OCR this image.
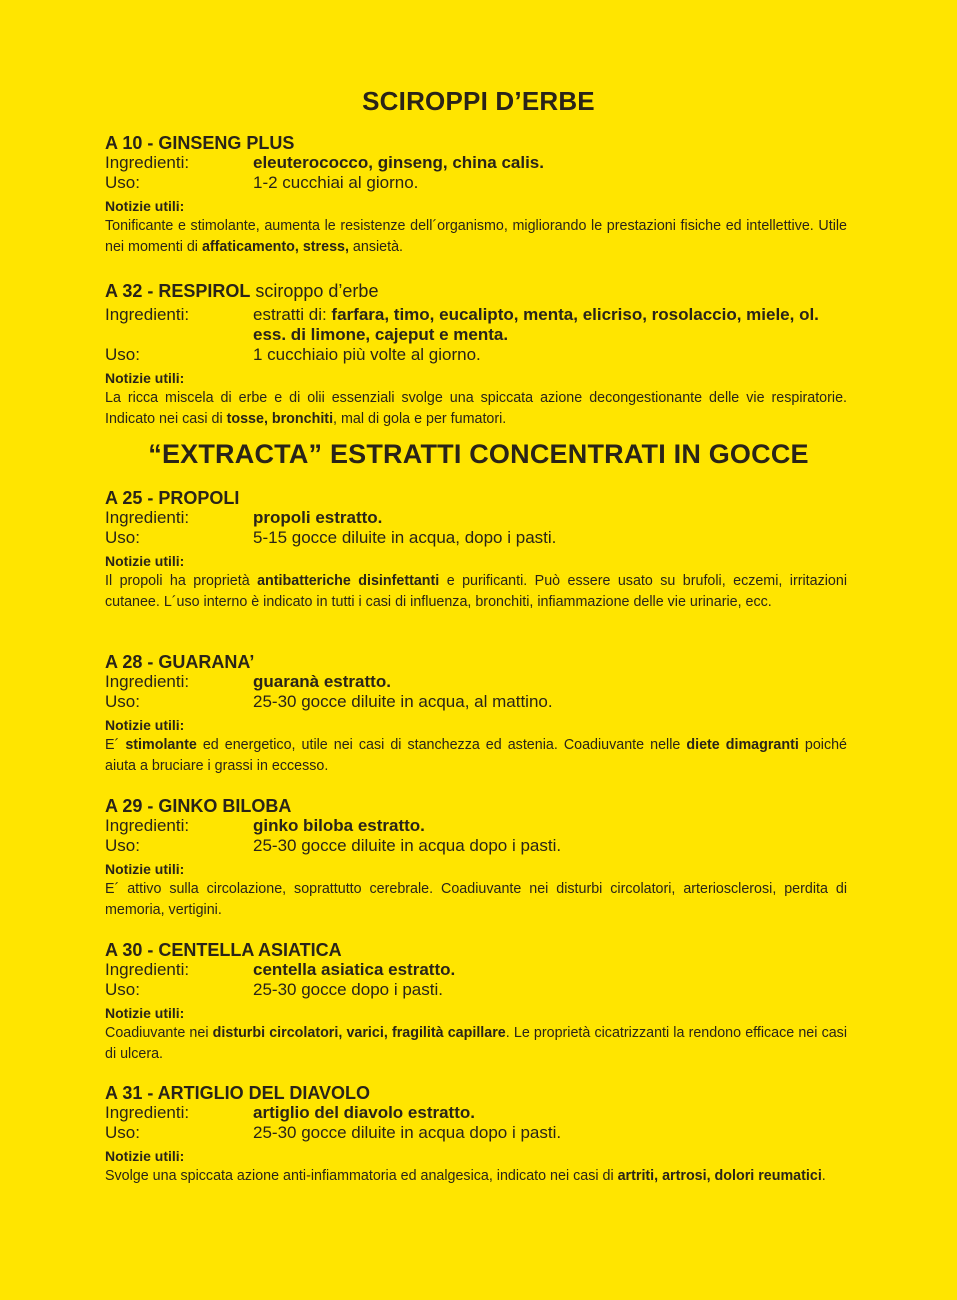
SCIROPPI D’ERBE
A 10 - GINSENG PLUS
Ingredienti:	eleuterococco, ginseng, china calis.
Uso:	1-2 cucchiai al giorno.
Notizie utili:
Tonificante e stimolante, aumenta le resistenze dell´organismo, migliorando le prestazioni fisiche ed intellettive. Utile nei momenti di affaticamento, stress, ansietà.
A 32 - RESPIROL sciroppo d’erbe
Ingredienti:	estratti di: farfara, timo, eucalipto, menta, elicriso, rosolaccio, miele, ol. ess. di limone, cajeput e menta.
Uso:	1 cucchiaio più volte al giorno.
Notizie utili:
La ricca miscela di erbe e di olii essenziali svolge una spiccata azione decongestionante delle vie respiratorie. Indicato nei casi di tosse, bronchiti, mal di gola e per fumatori.
“EXTRACTA” ESTRATTI CONCENTRATI IN GOCCE
A 25 - PROPOLI
Ingredienti:	propoli estratto.
Uso:	5-15 gocce diluite in acqua, dopo i pasti.
Notizie utili:
Il propoli ha proprietà antibatteriche disinfettanti e purificanti. Può essere usato su brufoli, eczemi, irritazioni cutanee. L´uso interno è indicato in tutti i casi di influenza, bronchiti, infiammazione delle vie urinarie, ecc.
A 28 - GUARANA’
Ingredienti:	guaranà estratto.
Uso:	25-30 gocce diluite in acqua, al mattino.
Notizie utili:
E´ stimolante ed energetico, utile nei casi di stanchezza ed astenia. Coadiuvante nelle diete dimagranti poiché aiuta a bruciare i grassi in eccesso.
A 29 - GINKO BILOBA
Ingredienti:	ginko biloba estratto.
Uso:	25-30 gocce diluite in acqua dopo i pasti.
Notizie utili:
E´ attivo sulla circolazione, soprattutto cerebrale. Coadiuvante nei disturbi circolatori, arteriosclerosi, perdita di memoria, vertigini.
A 30 - CENTELLA ASIATICA
Ingredienti:	centella asiatica estratto.
Uso:	25-30 gocce dopo i pasti.
Notizie utili:
Coadiuvante nei disturbi circolatori, varici, fragilità capillare. Le proprietà cicatrizzanti la rendono efficace nei casi di ulcera.
A 31 - ARTIGLIO DEL DIAVOLO
Ingredienti:	artiglio del diavolo estratto.
Uso:	25-30 gocce diluite in acqua dopo i pasti.
Notizie utili:
Svolge una spiccata azione anti-infiammatoria ed analgesica, indicato nei casi di artriti, artrosi, dolori reumatici.
